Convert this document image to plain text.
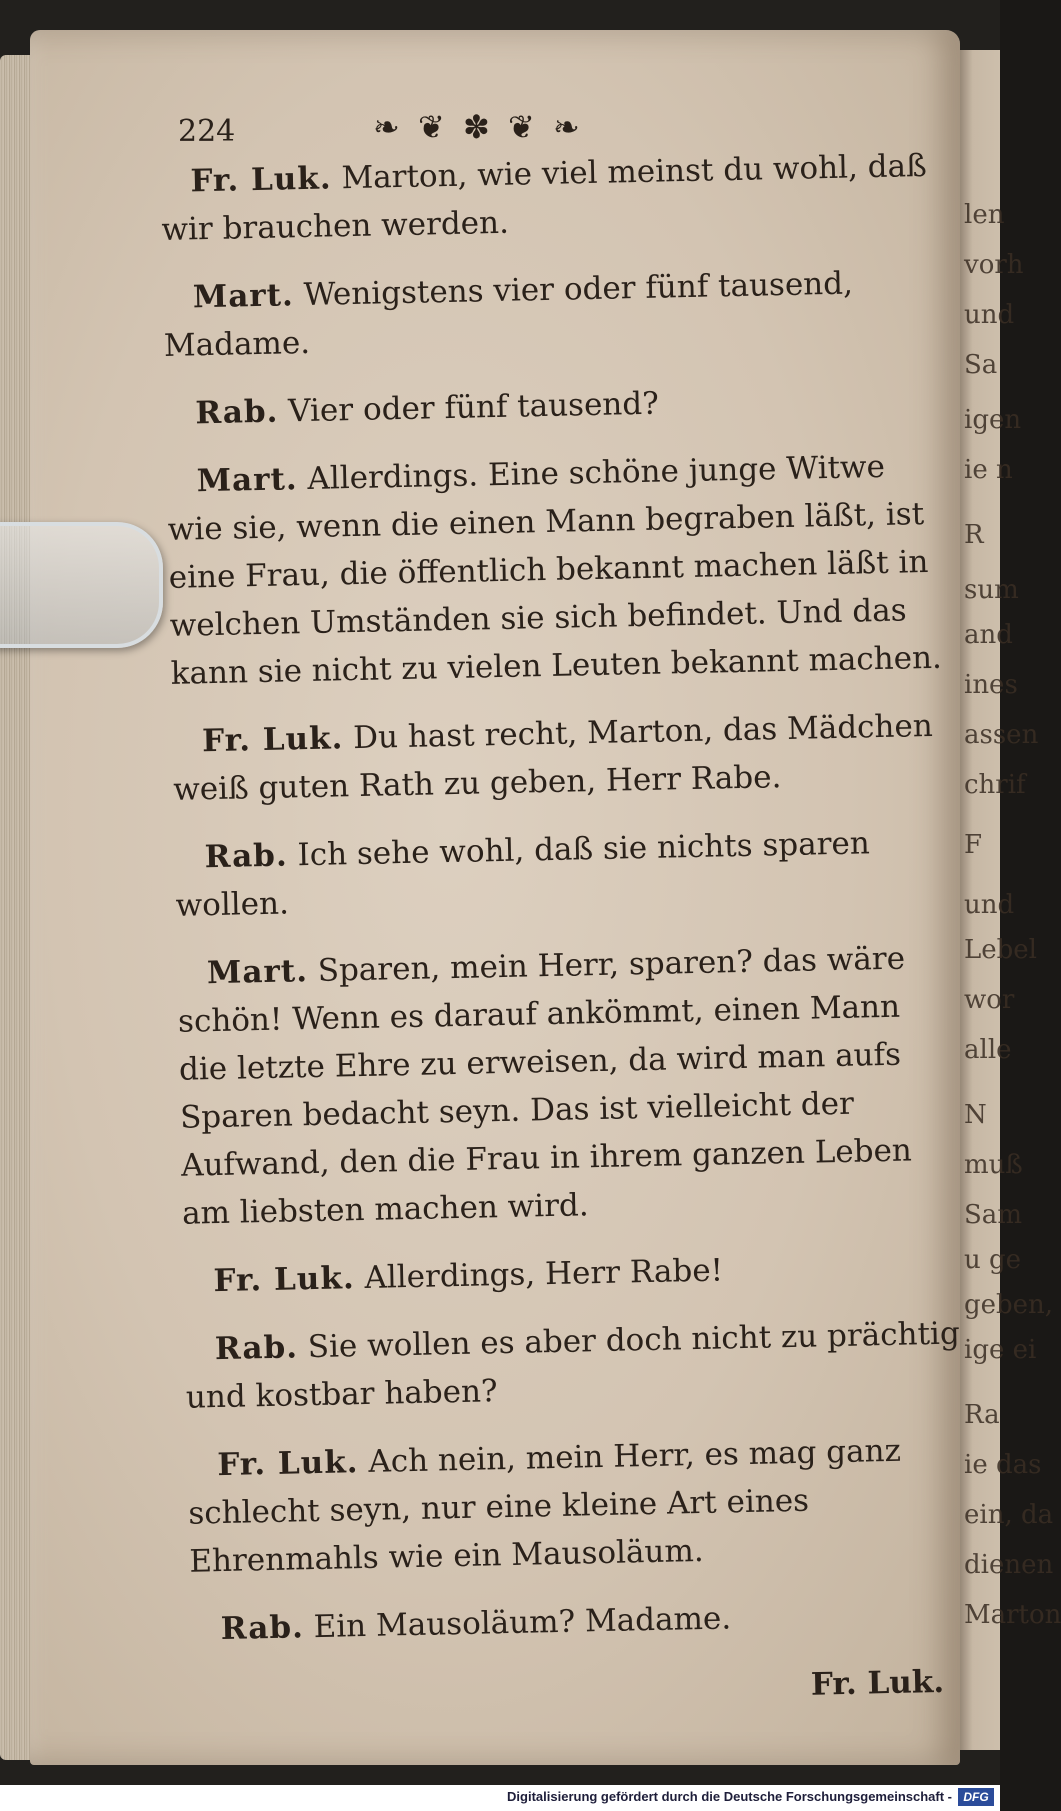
len
vorh
und
Sa
igen
ie n
R
sum
and
ines
assen
chrif
F
und
Lebel
wor
alle
N
muß
Sam
u ge
geben,
ige ei
Ra
ie das
ein, da
dienen
Marton
224	❧ ❦ ✽ ❦ ❧

Fr. Luk. Marton, wie viel meinst du wohl, daß wir brauchen werden.

Mart. Wenigstens vier oder fünf tausend, Madame.

Rab. Vier oder fünf tausend?

Mart. Allerdings. Eine schöne junge Witwe wie sie, wenn die einen Mann begraben läßt, ist eine Frau, die öffentlich bekannt machen läßt in welchen Umständen sie sich befindet. Und das kann sie nicht zu vielen Leuten bekannt machen.

Fr. Luk. Du hast recht, Marton, das Mädchen weiß guten Rath zu geben, Herr Rabe.

Rab. Ich sehe wohl, daß sie nichts sparen wollen.

Mart. Sparen, mein Herr, sparen? das wäre schön! Wenn es darauf ankömmt, einen Mann die letzte Ehre zu erweisen, da wird man aufs Sparen bedacht seyn. Das ist vielleicht der Aufwand, den die Frau in ihrem ganzen Leben am liebsten machen wird.

Fr. Luk. Allerdings, Herr Rabe!

Rab. Sie wollen es aber doch nicht zu prächtig und kostbar haben?

Fr. Luk. Ach nein, mein Herr, es mag ganz schlecht seyn, nur eine kleine Art eines Ehrenmahls wie ein Mausoläum.

Rab. Ein Mausoläum? Madame.

Fr. Luk.
Digitalisierung gefördert durch die Deutsche Forschungsgemeinschaft - DFG
